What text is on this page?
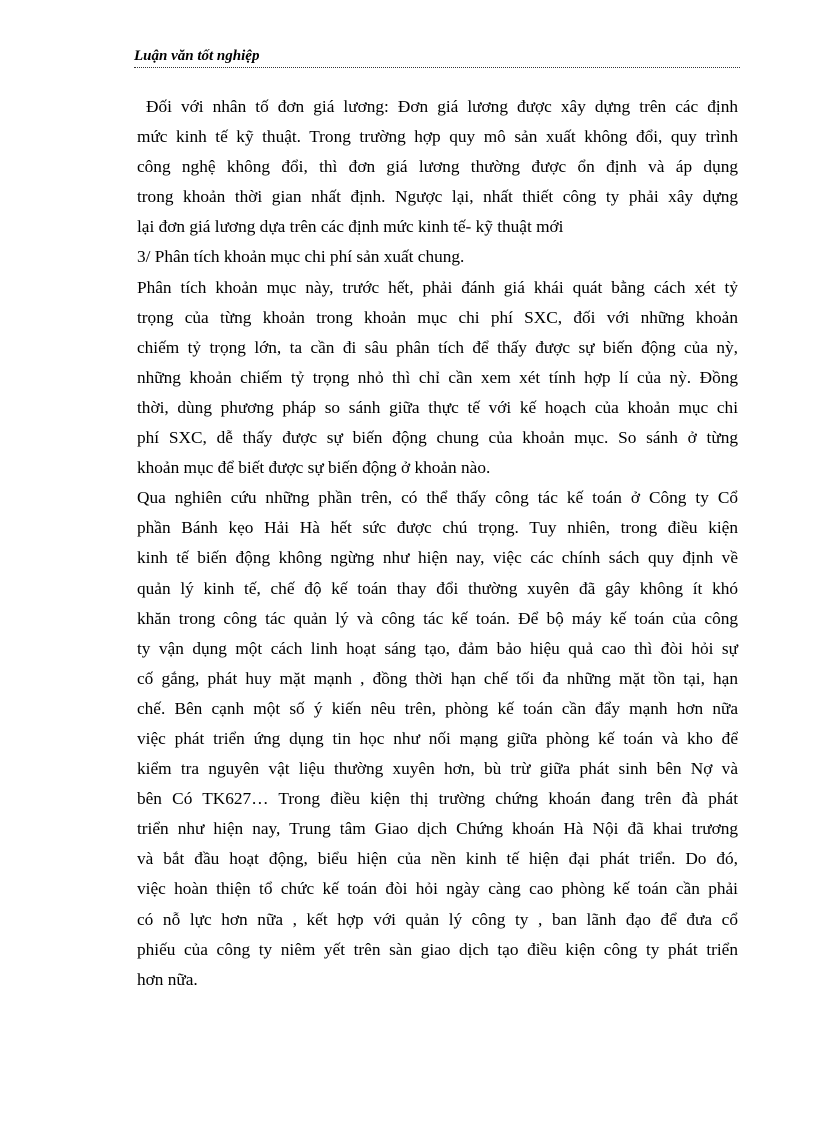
Luận văn tốt nghiệp
Đối với nhân tố đơn giá lương: Đơn giá lương được xây dựng trên các định
mức kinh tế kỹ thuật. Trong trường hợp quy mô sản xuất không đổi, quy trình
công nghệ không đổi, thì đơn giá lương thường được ổn định và áp dụng
trong khoản thời gian nhất định. Ngược lại, nhất thiết công ty phải xây dựng
lại đơn giá lương dựa trên các định mức kinh tế- kỹ thuật mới
3/ Phân tích khoản mục chi phí sản xuất chung.
Phân tích khoản mục này, trước hết, phải đánh giá khái quát bằng cách xét tỷ
trọng của từng khoản trong khoản mục chi phí SXC, đối với những khoản
chiếm tỷ trọng lớn, ta cần đi sâu phân tích để thấy được sự biến động của nỳ,
những khoản chiếm tỷ trọng nhỏ thì chỉ cần xem xét tính hợp lí của nỳ. Đồng
thời, dùng phương pháp so sánh giữa thực tế với kế hoạch của khoản mục chi
phí SXC, dễ thấy được sự biến động chung của khoản mục. So sánh ở từng
khoản mục để biết được sự biến động ở khoản nào.
Qua nghiên cứu những phần trên, có thể thấy công tác kế toán ở Công ty Cổ
phần Bánh kẹo Hải Hà hết sức được chú trọng. Tuy nhiên, trong điều kiện
kinh tế biến động không ngừng như hiện nay, việc các chính sách quy định về
quản lý kinh tế, chế độ kế toán thay đổi thường xuyên đã gây không ít khó
khăn trong công tác quản lý và công tác kế toán. Để bộ máy kế toán của công
ty vận dụng một cách linh hoạt sáng tạo, đảm bảo hiệu quả cao thì đòi hỏi sự
cố gắng, phát huy mặt mạnh , đồng thời hạn chế tối đa những mặt tồn tại, hạn
chế. Bên cạnh một số ý kiến nêu trên, phòng kế toán cần đẩy mạnh hơn nữa
việc phát triển ứng dụng tin học như nối mạng giữa phòng kế toán và kho để
kiểm tra nguyên vật liệu thường xuyên hơn, bù trừ giữa phát sinh bên Nợ và
bên Có TK627… Trong điều kiện thị trường chứng khoán đang trên đà phát
triển như hiện nay, Trung tâm Giao dịch Chứng khoán Hà Nội đã khai trương
và bắt đầu hoạt động, biểu hiện của nền kinh tế hiện đại phát triển. Do đó,
việc hoàn thiện tổ chức kế toán đòi hỏi ngày càng cao phòng kế toán cần phải
có nỗ lực hơn nữa , kết hợp với quản lý công ty , ban lãnh đạo để đưa cổ
phiếu của công ty niêm yết trên sàn giao dịch tạo điều kiện công ty phát triển
hơn nữa.
